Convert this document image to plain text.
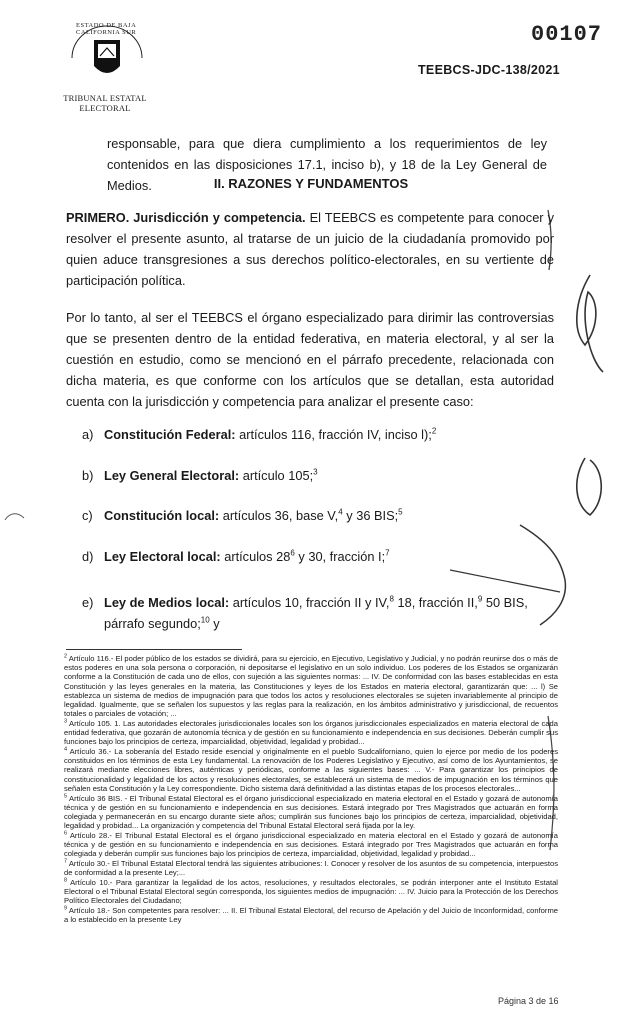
ESTADO DE BAJA CALIFORNIA SUR
TRIBUNAL ESTATAL
ELECTORAL
00107
TEEBCS-JDC-138/2021
responsable, para que diera cumplimiento a los requerimientos de ley contenidos en las disposiciones 17.1, inciso b), y 18 de la Ley General de Medios.	II. RAZONES Y FUNDAMENTOS
PRIMERO. Jurisdicción y competencia. El TEEBCS es competente para conocer y resolver el presente asunto, al tratarse de un juicio de la ciudadanía promovido por quien aduce transgresiones a sus derechos político-electorales, en su vertiente de participación política.
Por lo tanto, al ser el TEEBCS el órgano especializado para dirimir las controversias que se presenten dentro de la entidad federativa, en materia electoral, y al ser la cuestión en estudio, como se mencionó en el párrafo precedente, relacionada con dicha materia, es que conforme con los artículos que se detallan, esta autoridad cuenta con la jurisdicción y competencia para analizar el presente caso:
a) Constitución Federal: artículos 116, fracción IV, inciso l);$^2$
b) Ley General Electoral: artículo 105;$^3$
c) Constitución local: artículos 36, base V,$^4$ y 36 BIS;$^5$
d) Ley Electoral local: artículos $28^6$ y 30, fracción I;$^7$
e) Ley de Medios local: artículos 10, fracción II y IV,$^8$ 18, fracción II,$^9$ 50 BIS,
párrafo segundo;$^{10}$ y

$^2$ Artículo 116.- El poder público de los estados se dividirá, para su ejercicio, en Ejecutivo, Legislativo y Judicial, y no podrán reunirse dos o más de estos poderes en una sola persona o corporación, ni depositarse el legislativo en un solo individuo. Los poderes de los Estados se organizarán conforme a la Constitución de cada uno de ellos, con sujeción a las siguientes normas: ... IV. De conformidad con las bases establecidas en esta Constitución y las leyes generales en la materia, las Constituciones y leyes de los Estados en materia electoral, garantizarán que: ... l) Se establezca un sistema de medios de impugnación para que todos los actos y resoluciones electorales se sujeten invariablemente al principio de legalidad. Igualmente, que se señalen los supuestos y las reglas para la realización, en los ámbitos administrativo y jurisdiccional, de recuentos totales o parciales de votación; ...

$^3$ Artículo 105. 1. Las autoridades electorales jurisdiccionales locales son los órganos jurisdiccionales especializados en materia electoral de cada entidad federativa, que gozarán de autonomía técnica y de gestión en su funcionamiento e independencia en sus decisiones. Deberán cumplir sus funciones bajo los principios de certeza, imparcialidad, objetividad, legalidad y probidad...

$^4$ Artículo 36.- La soberanía del Estado reside esencial y originalmente en el pueblo Sudcaliforniano, quien lo ejerce por medio de los poderes constituidos en los términos de esta Ley fundamental. La renovación de los Poderes Legislativo y Ejecutivo, así como de los Ayuntamientos, se realizará mediante elecciones libres, auténticas y periódicas, conforme a las siguientes bases: ... V.- Para garantizar los principios de constitucionalidad y legalidad de los actos y resoluciones electorales, se establecerá un sistema de medios de impugnación en los términos que señalen esta Constitución y la Ley correspondiente. Dicho sistema dará definitividad a las distintas etapas de los procesos electorales...

$^5$ Artículo 36 BIS. - El Tribunal Estatal Electoral es el órgano jurisdiccional especializado en materia electoral en el Estado y gozará de autonomía técnica y de gestión en su funcionamiento e independencia en sus decisiones. Estará integrado por Tres Magistrados que actuarán en forma colegiada y permanecerán en su encargo durante siete años; cumplirán sus funciones bajo los principios de certeza, imparcialidad, objetividad, legalidad y probidad... La organización y competencia del Tribunal Estatal Electoral será fijada por la ley.

$^6$ Artículo 28.- El Tribunal Estatal Electoral es el órgano jurisdiccional especializado en materia electoral en el Estado y gozará de autonomía técnica y de gestión en su funcionamiento e independencia en sus decisiones. Estará integrado por Tres Magistrados que actuarán en forma colegiada y deberán cumplir sus funciones bajo los principios de certeza, imparcialidad, objetividad, legalidad y probidad...

$^7$ Artículo 30.- El Tribunal Estatal Electoral tendrá las siguientes atribuciones: I. Conocer y resolver de los asuntos de su competencia, interpuestos de conformidad a la presente Ley;...

$^8$ Artículo 10.- Para garantizar la legalidad de los actos, resoluciones, y resultados electorales, se podrán interponer ante el Instituto Estatal Electoral o el Tribunal Estatal Electoral según corresponda, los siguientes medios de impugnación: ... IV. Juicio para la Protección de los Derechos Político Electorales del Ciudadano;

$^9$ Artículo 18.- Son competentes para resolver: ... II. El Tribunal Estatal Electoral, del recurso de Apelación y del Juicio de Inconformidad, conforme a lo establecido en la presente Ley

Página 3 de 16
